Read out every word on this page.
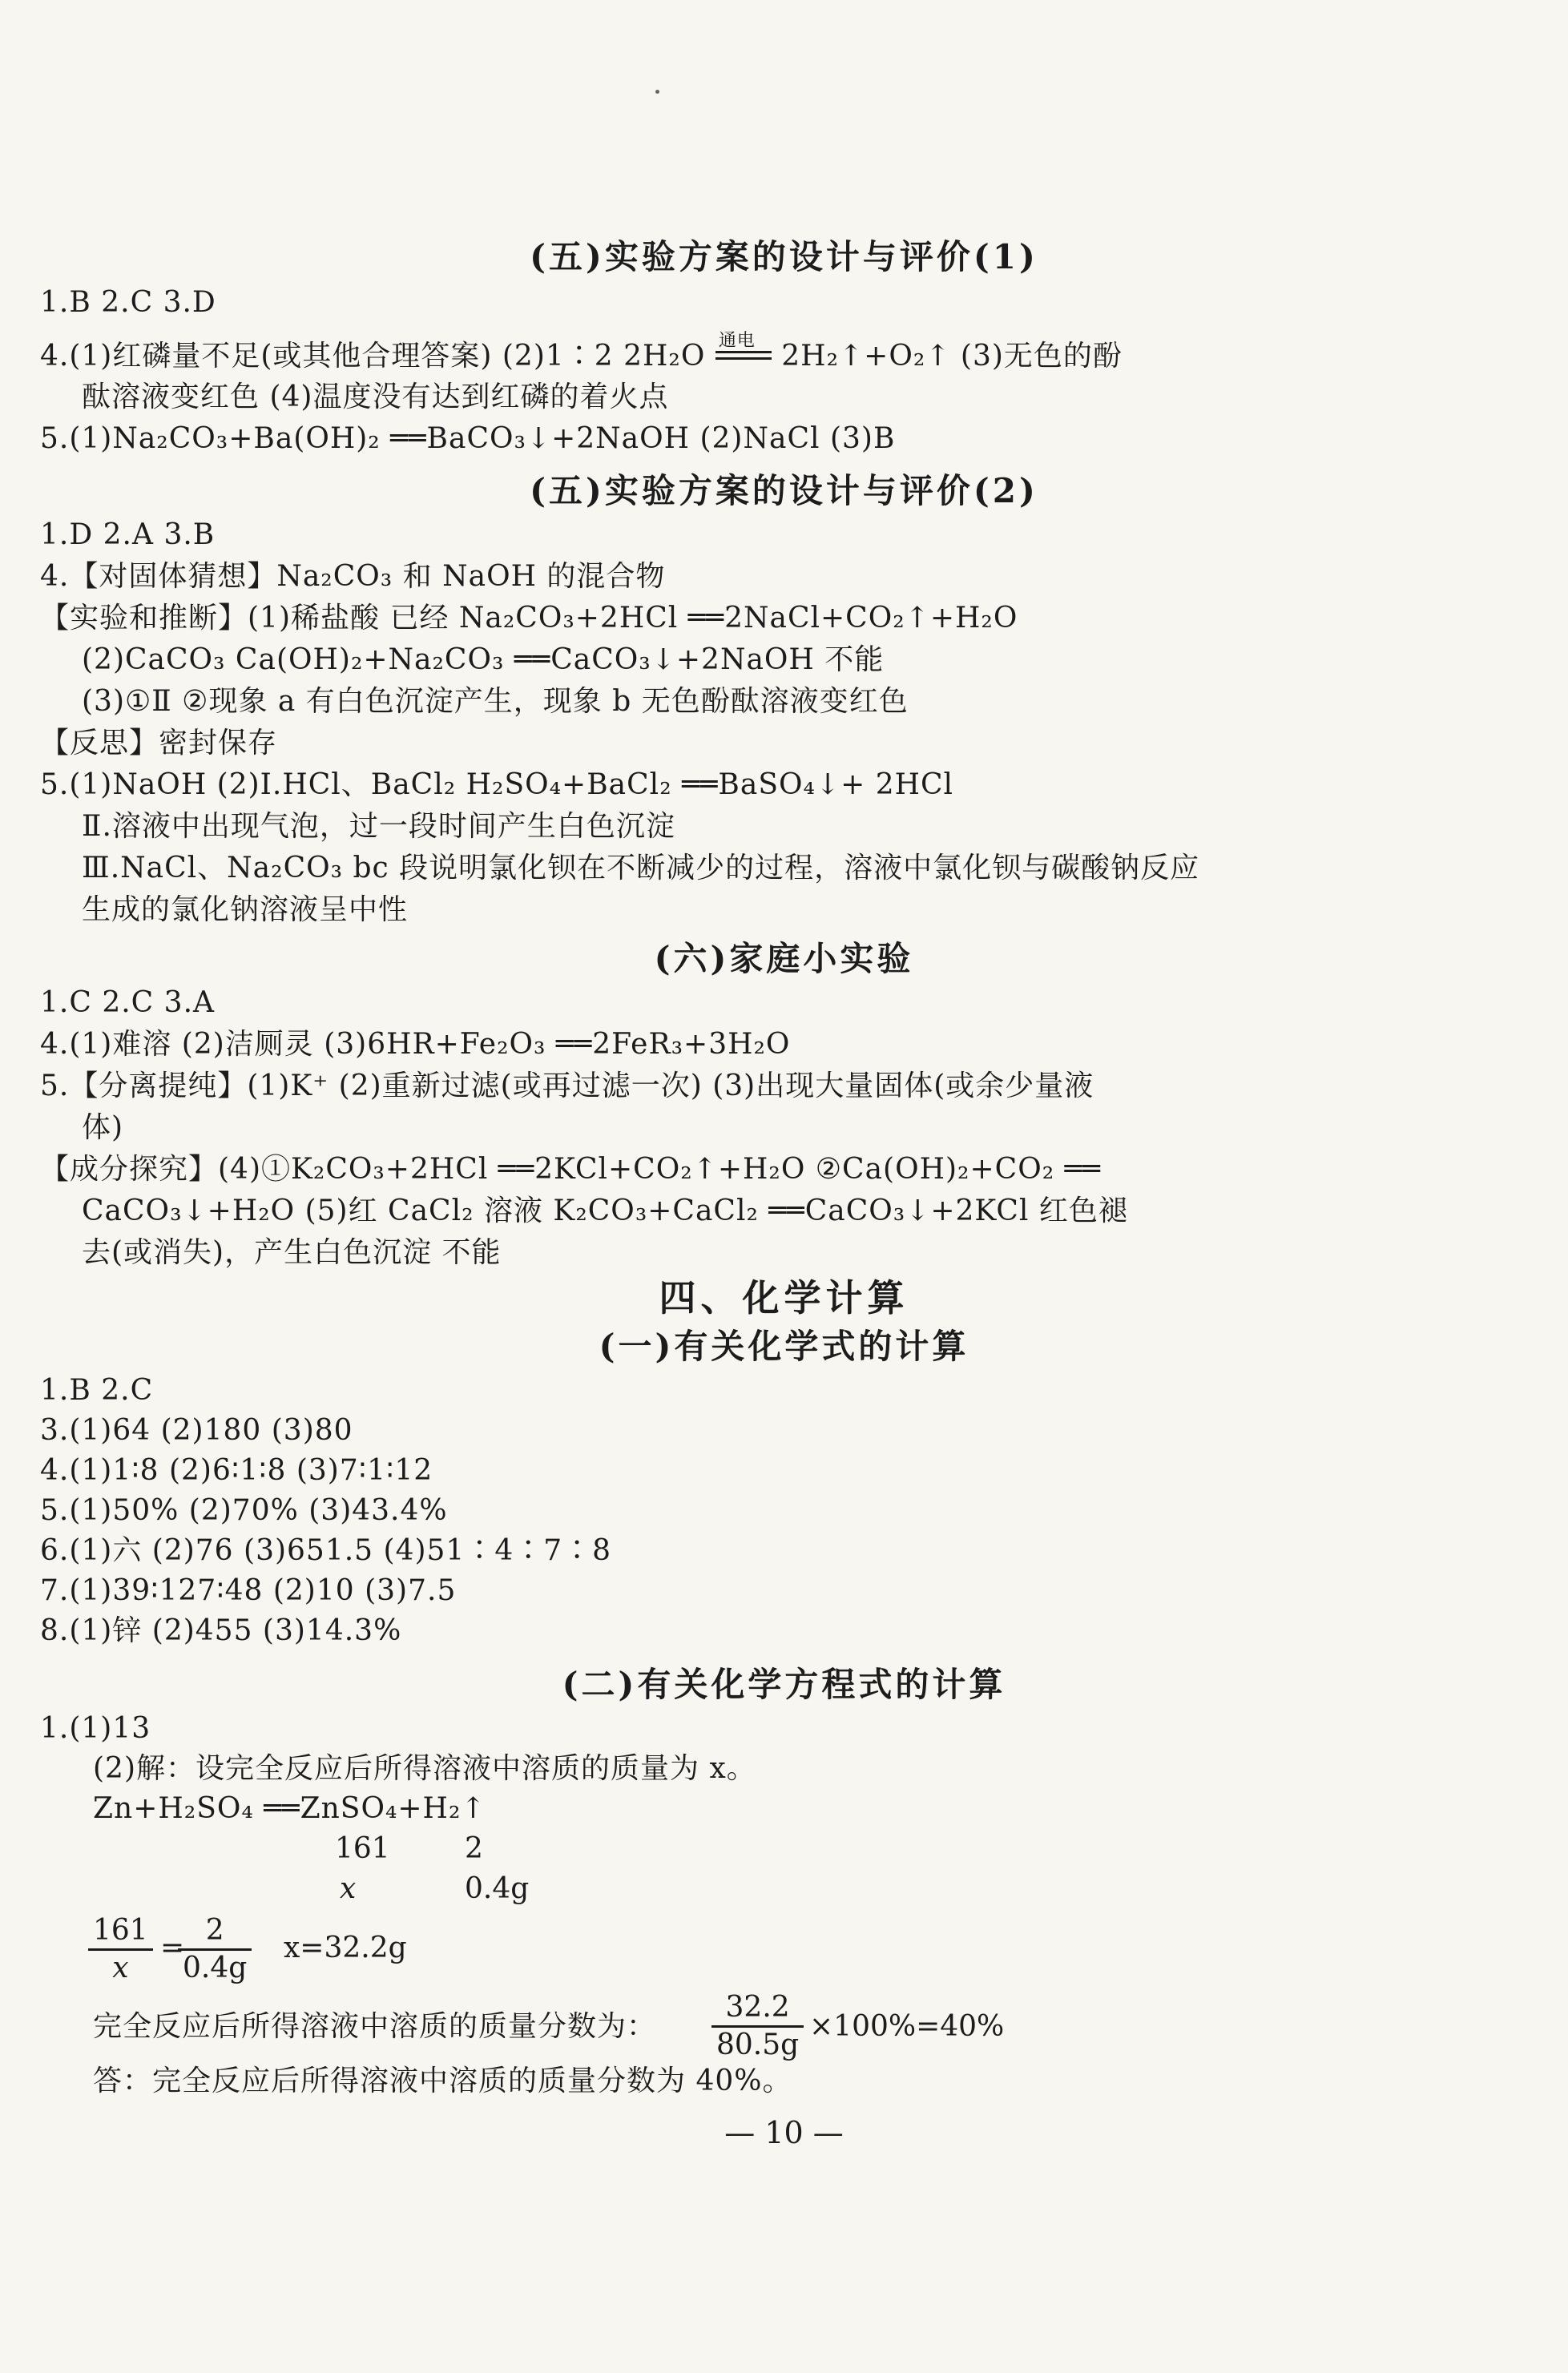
(五)实验方案的设计与评价(1)
1.B 2.C 3.D
4.(1)红磷量不足(或其他合理答案) (2)1∶2 2H₂O 通电 2H₂↑+O₂↑ (3)无色的酚
酞溶液变红色 (4)温度没有达到红磷的着火点
5.(1)Na₂CO₃+Ba(OH)₂ ══BaCO₃↓+2NaOH (2)NaCl (3)B
(五)实验方案的设计与评价(2)
1.D 2.A 3.B
4.【对固体猜想】Na₂CO₃ 和 NaOH 的混合物
【实验和推断】(1)稀盐酸 已经 Na₂CO₃+2HCl ══2NaCl+CO₂↑+H₂O
(2)CaCO₃ Ca(OH)₂+Na₂CO₃ ══CaCO₃↓+2NaOH 不能
(3)①Ⅱ ②现象 a 有白色沉淀产生，现象 b 无色酚酞溶液变红色
【反思】密封保存
5.(1)NaOH (2)Ⅰ.HCl、BaCl₂ H₂SO₄+BaCl₂ ══BaSO₄↓+ 2HCl
Ⅱ.溶液中出现气泡，过一段时间产生白色沉淀
Ⅲ.NaCl、Na₂CO₃ bc 段说明氯化钡在不断减少的过程，溶液中氯化钡与碳酸钠反应
生成的氯化钠溶液呈中性
(六)家庭小实验
1.C 2.C 3.A
4.(1)难溶 (2)洁厕灵 (3)6HR+Fe₂O₃ ══2FeR₃+3H₂O
5.【分离提纯】(1)K⁺ (2)重新过滤(或再过滤一次) (3)出现大量固体(或余少量液
体)
【成分探究】(4)①K₂CO₃+2HCl ══2KCl+CO₂↑+H₂O ②Ca(OH)₂+CO₂ ══
CaCO₃↓+H₂O (5)红 CaCl₂ 溶液 K₂CO₃+CaCl₂ ══CaCO₃↓+2KCl 红色褪
去(或消失)，产生白色沉淀 不能
四、化学计算
(一)有关化学式的计算
1.B 2.C
3.(1)64 (2)180 (3)80
4.(1)1∶8 (2)6∶1∶8 (3)7∶1∶12
5.(1)50% (2)70% (3)43.4%
6.(1)六 (2)76 (3)651.5 (4)51∶4∶7∶8
7.(1)39∶127∶48 (2)10 (3)7.5
8.(1)锌 (2)455 (3)14.3%
(二)有关化学方程式的计算
1.(1)13
(2)解：设完全反应后所得溶液中溶质的质量为 x。
Zn+H₂SO₄ ══ZnSO₄+H₂↑
161	2
x	0.4g
161
x
=
2
0.4g
x=32.2g
完全反应后所得溶液中溶质的质量分数为：
32.2
80.5g
×100%=40%
答：完全反应后所得溶液中溶质的质量分数为 40%。
— 10 —
